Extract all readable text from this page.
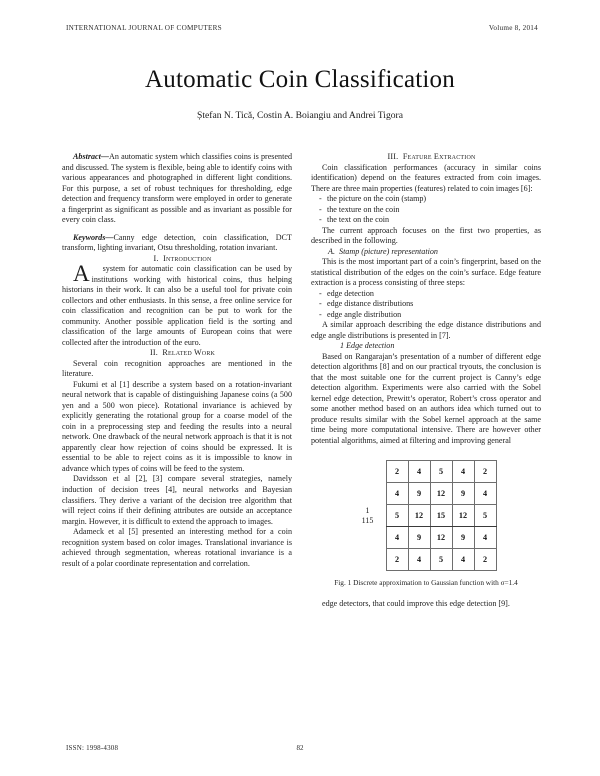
INTERNATIONAL JOURNAL OF COMPUTERS	Volume 8, 2014
Automatic Coin Classification
Ștefan N. Tică, Costin A. Boiangiu and Andrei Tigora

Abstract—An automatic system which classifies coins is presented and discussed. The system is flexible, being able to identify coins with various appearances and photographed in different light conditions. For this purpose, a set of robust techniques for thresholding, edge detection and frequency transform were employed in order to generate a fingerprint as significant as possible and as invariant as possible for every coin class.

Keywords—Canny edge detection, coin classification, DCT transform, lighting invariant, Otsu thresholding, rotation invariant.

I. Introduction

A system for automatic coin classification can be used by institutions working with historical coins, thus helping historians in their work. It can also be a useful tool for private coin collectors and other enthusiasts. In this sense, a free online service for coin classification and recognition can be put to work for the community. Another possible application field is the sorting and classification of the large amounts of European coins that were collected after the introduction of the euro.

II. Related Work

Several coin recognition approaches are mentioned in the literature.

Fukumi et al [1] describe a system based on a rotation-invariant neural network that is capable of distinguishing Japanese coins (a 500 yen and a 500 won piece). Rotational invariance is achieved by explicitly generating the rotational group for a coarse model of the coin in a preprocessing step and feeding the results into a neural network. One drawback of the neural network approach is that it is not apparently clear how rejection of coins should be expressed. It is essential to be able to reject coins as it is impossible to know in advance which types of coins will be feed to the system.

Davidsson et al [2], [3] compare several strategies, namely induction of decision trees [4], neural networks and Bayesian classifiers. They derive a variant of the decision tree algorithm that will reject coins if their defining attributes are outside an acceptance margin. However, it is difficult to extend the approach to images.

Adameck et al [5] presented an interesting method for a coin recognition system based on color images. Translational invariance is achieved through segmentation, whereas rotational invariance is a result of a polar coordinate representation and correlation.

III. Feature Extraction

Coin classification performances (accuracy in similar coins identification) depend on the features extracted from coin images. There are three main properties (features) related to coin images [6]:

- the picture on the coin (stamp)
- the texture on the coin
- the text on the coin

The current approach focuses on the first two properties, as described in the following.

A. Stamp (picture) representation

This is the most important part of a coin’s fingerprint, based on the statistical distribution of the edges on the coin’s surface. Edge feature extraction is a process consisting of three steps:

- edge detection
- edge distance distributions
- edge angle distribution

A similar approach describing the edge distance distributions and edge angle distributions is presented in [7].

1 Edge detection

Based on Rangarajan’s presentation of a number of different edge detection algorithms [8] and on our practical tryouts, the conclusion is that the most suitable one for the current project is Canny’s edge detection algorithm. Experiments were also carried with the Sobel kernel edge detection, Prewitt’s operator, Robert’s cross operator and some another method based on an authors idea which turned out to produce results similar with the Sobel kernel approach at the same time being more computational intensive. There are however other potential algorithms, aimed at filtering and improving general

1
115
2	4	5	4	2
4	9	12	9	4
5	12	15	12	5
4	9	12	9	4
2	4	5	4	2
Fig. 1 Discrete approximation to Gaussian function with σ=1.4

edge detectors, that could improve this edge detection [9].

ISSN: 1998-4308	82
